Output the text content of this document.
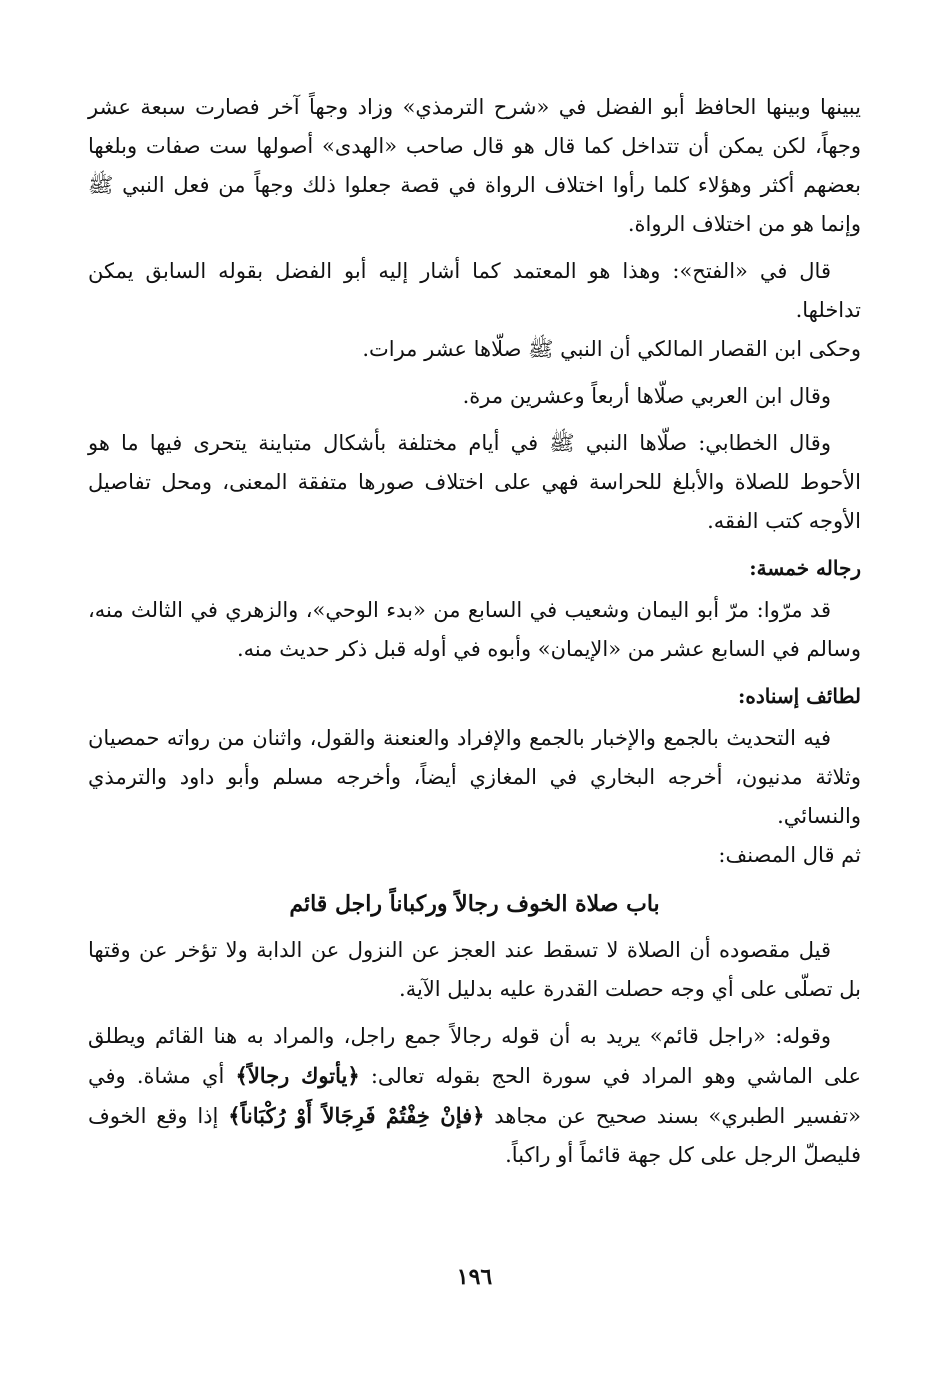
يبينها وبينها الحافظ أبو الفضل في «شرح الترمذي» وزاد وجهاً آخر فصارت سبعة عشر وجهاً، لكن يمكن أن تتداخل كما قال هو قال صاحب «الهدى» أصولها ست صفات وبلغها بعضهم أكثر وهؤلاء كلما رأوا اختلاف الرواة في قصة جعلوا ذلك وجهاً من فعل النبي ﷺ وإنما هو من اختلاف الرواة.

قال في «الفتح»: وهذا هو المعتمد كما أشار إليه أبو الفضل بقوله السابق يمكن تداخلها.

وحكى ابن القصار المالكي أن النبي ﷺ صلّاها عشر مرات.

وقال ابن العربي صلّاها أربعاً وعشرين مرة.

وقال الخطابي: صلّاها النبي ﷺ في أيام مختلفة بأشكال متباينة يتحرى فيها ما هو الأحوط للصلاة والأبلغ للحراسة فهي على اختلاف صورها متفقة المعنى، ومحل تفاصيل الأوجه كتب الفقه.

رجاله خمسة:

قد مرّوا: مرّ أبو اليمان وشعيب في السابع من «بدء الوحي»، والزهري في الثالث منه، وسالم في السابع عشر من «الإيمان» وأبوه في أوله قبل ذكر حديث منه.

لطائف إسناده:

فيه التحديث بالجمع والإخبار بالجمع والإفراد والعنعنة والقول، واثنان من رواته حمصيان وثلاثة مدنيون، أخرجه البخاري في المغازي أيضاً، وأخرجه مسلم وأبو داود والترمذي والنسائي.

ثم قال المصنف:

باب صلاة الخوف رجالاً وركباناً راجل قائم

قيل مقصوده أن الصلاة لا تسقط عند العجز عن النزول عن الدابة ولا تؤخر عن وقتها بل تصلّى على أي وجه حصلت القدرة عليه بدليل الآية.

وقوله: «راجل قائم» يريد به أن قوله رجالاً جمع راجل، والمراد به هنا القائم ويطلق على الماشي وهو المراد في سورة الحج بقوله تعالى: ﴿يأتوك رجالاً﴾ أي مشاة. وفي «تفسير الطبري» بسند صحيح عن مجاهد ﴿فإنْ خِفْتُمْ فَرِجَالاً أَوْ رُكْبَاناً﴾ إذا وقع الخوف فليصلّ الرجل على كل جهة قائماً أو راكباً.

١٩٦
